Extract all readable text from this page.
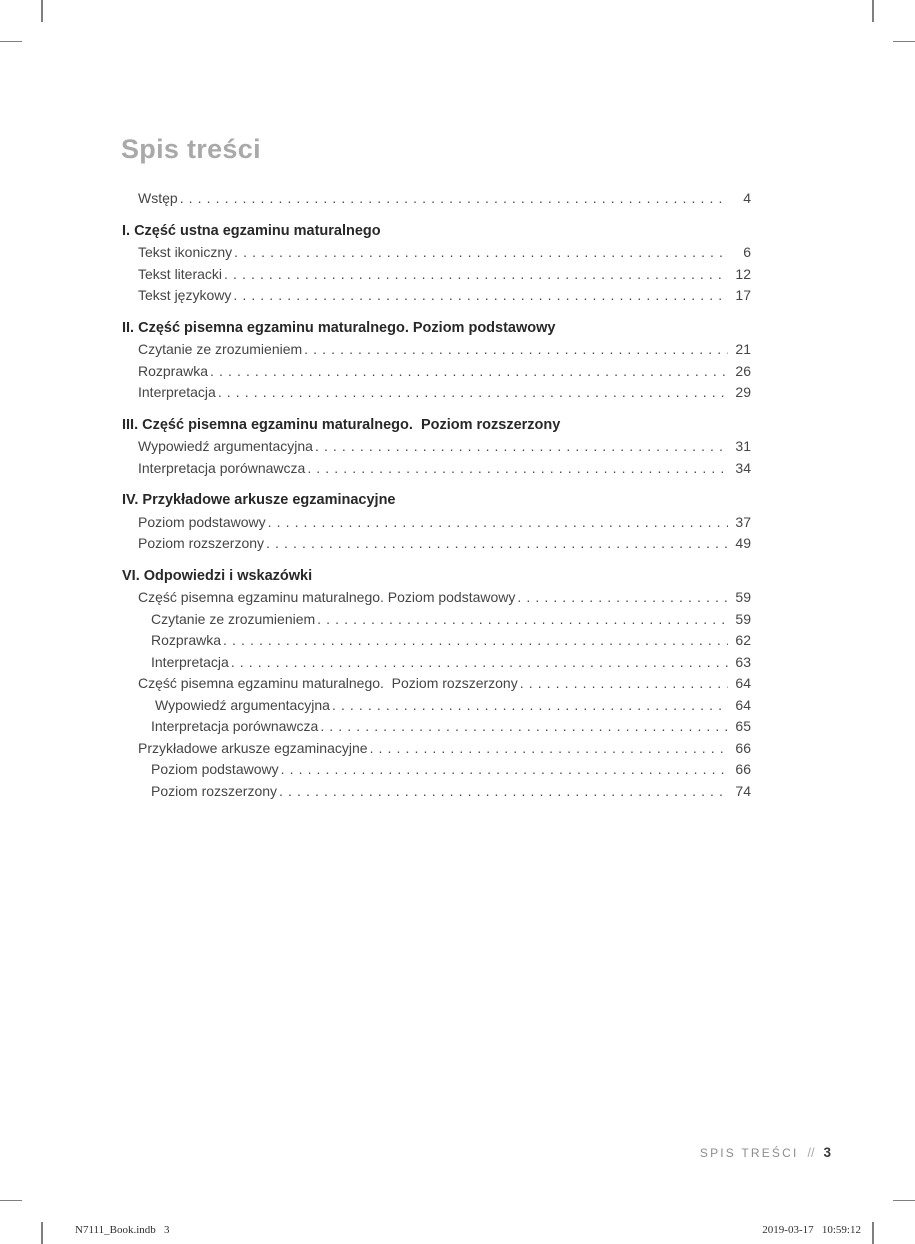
Spis treści
Wstęp . . .	4
I. Część ustna egzaminu maturalnego
Tekst ikoniczny . . .	6
Tekst literacki . . .	12
Tekst językowy . . .	17
II. Część pisemna egzaminu maturalnego. Poziom podstawowy
Czytanie ze zrozumieniem . . .	21
Rozprawka . . .	26
Interpretacja . . .	29
III. Część pisemna egzaminu maturalnego.  Poziom rozszerzony
Wypowiedź argumentacyjna . . .	31
Interpretacja porównawcza . . .	34
IV. Przykładowe arkusze egzaminacyjne
Poziom podstawowy . . .	37
Poziom rozszerzony . . .	49
VI. Odpowiedzi i wskazówki
Część pisemna egzaminu maturalnego. Poziom podstawowy . . .	59
Czytanie ze zrozumieniem . . .	59
Rozprawka . . .	62
Interpretacja . . .	63
Część pisemna egzaminu maturalnego.  Poziom rozszerzony . . .	64
Wypowiedź argumentacyjna . . .	64
Interpretacja porównawcza . . .	65
Przykładowe arkusze egzaminacyjne . . .	66
Poziom podstawowy . . .	66
Poziom rozszerzony . . .	74
SPIS TREŚCI // 3
N7111_Book.indb   3	2019-03-17   10:59:12
